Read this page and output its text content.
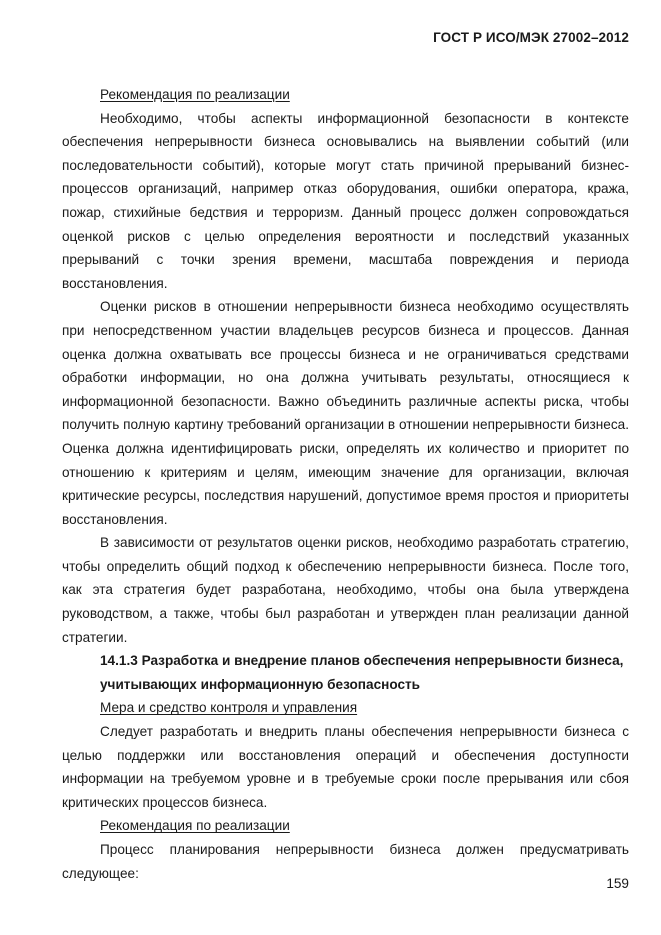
ГОСТ Р ИСО/МЭК 27002–2012

Рекомендация по реализации

Необходимо, чтобы аспекты информационной безопасности в контексте обеспечения непрерывности бизнеса основывались на выявлении событий (или последовательности событий), которые могут стать причиной прерываний бизнес-процессов организаций, например отказ оборудования, ошибки оператора, кража, пожар, стихийные бедствия и терроризм. Данный процесс должен сопровождаться оценкой рисков с целью определения вероятности и последствий указанных прерываний с точки зрения времени, масштаба повреждения и периода восстановления.

Оценки рисков в отношении непрерывности бизнеса необходимо осуществлять при непосредственном участии владельцев ресурсов бизнеса и процессов. Данная оценка должна охватывать все процессы бизнеса и не ограничиваться средствами обработки информации, но она должна учитывать результаты, относящиеся к информационной безопасности. Важно объединить различные аспекты риска, чтобы получить полную картину требований организации в отношении непрерывности бизнеса. Оценка должна идентифицировать риски, определять их количество и приоритет по отношению к критериям и целям, имеющим значение для организации, включая критические ресурсы, последствия нарушений, допустимое время простоя и приоритеты восстановления.

В зависимости от результатов оценки рисков, необходимо разработать стратегию, чтобы определить общий подход к обеспечению непрерывности бизнеса. После того, как эта стратегия будет разработана, необходимо, чтобы она была утверждена руководством, а также, чтобы был разработан и утвержден план реализации данной стратегии.

14.1.3 Разработка и внедрение планов обеспечения непрерывности бизнеса, учитывающих информационную безопасность

Мера и средство контроля и управления

Следует разработать и внедрить планы обеспечения непрерывности бизнеса с целью поддержки или восстановления операций и обеспечения доступности информации на требуемом уровне и в требуемые сроки после прерывания или сбоя критических процессов бизнеса.

Рекомендация по реализации

Процесс планирования непрерывности бизнеса должен предусматривать следующее:

159
